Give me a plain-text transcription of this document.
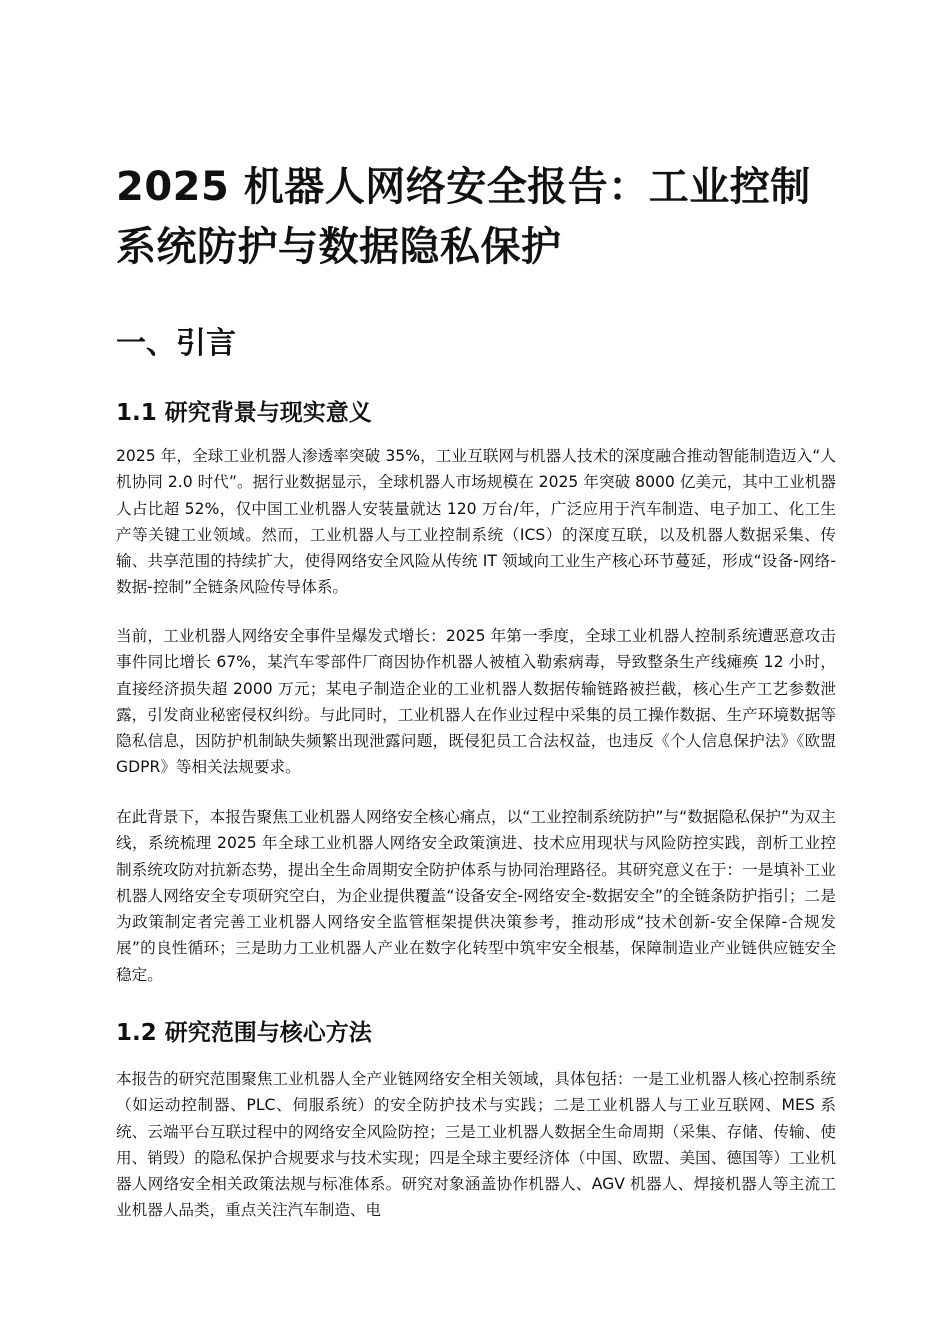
2025 机器人网络安全报告：工业控制系统防护与数据隐私保护
一、引言
1.1 研究背景与现实意义

2025 年，全球工业机器人渗透率突破 35%，工业互联网与机器人技术的深度融合推动智能制造迈入“人机协同 2.0 时代”。据行业数据显示，全球机器人市场规模在 2025 年突破 8000 亿美元，其中工业机器人占比超 52%，仅中国工业机器人安装量就达 120 万台/年，广泛应用于汽车制造、电子加工、化工生产等关键工业领域。然而，工业机器人与工业控制系统（ICS）的深度互联，以及机器人数据采集、传输、共享范围的持续扩大，使得网络安全风险从传统 IT 领域向工业生产核心环节蔓延，形成“设备-网络-数据-控制”全链条风险传导体系。

当前，工业机器人网络安全事件呈爆发式增长：2025 年第一季度，全球工业机器人控制系统遭恶意攻击事件同比增长 67%，某汽车零部件厂商因协作机器人被植入勒索病毒，导致整条生产线瘫痪 12 小时，直接经济损失超 2000 万元；某电子制造企业的工业机器人数据传输链路被拦截，核心生产工艺参数泄露，引发商业秘密侵权纠纷。与此同时，工业机器人在作业过程中采集的员工操作数据、生产环境数据等隐私信息，因防护机制缺失频繁出现泄露问题，既侵犯员工合法权益，也违反《个人信息保护法》《欧盟 GDPR》等相关法规要求。

在此背景下，本报告聚焦工业机器人网络安全核心痛点，以“工业控制系统防护”与“数据隐私保护”为双主线，系统梳理 2025 年全球工业机器人网络安全政策演进、技术应用现状与风险防控实践，剖析工业控制系统攻防对抗新态势，提出全生命周期安全防护体系与协同治理路径。其研究意义在于：一是填补工业机器人网络安全专项研究空白，为企业提供覆盖“设备安全-网络安全-数据安全”的全链条防护指引；二是为政策制定者完善工业机器人网络安全监管框架提供决策参考，推动形成“技术创新-安全保障-合规发展”的良性循环；三是助力工业机器人产业在数字化转型中筑牢安全根基，保障制造业产业链供应链安全稳定。

1.2 研究范围与核心方法

本报告的研究范围聚焦工业机器人全产业链网络安全相关领域，具体包括：一是工业机器人核心控制系统（如运动控制器、PLC、伺服系统）的安全防护技术与实践；二是工业机器人与工业互联网、MES 系统、云端平台互联过程中的网络安全风险防控；三是工业机器人数据全生命周期（采集、存储、传输、使用、销毁）的隐私保护合规要求与技术实现；四是全球主要经济体（中国、欧盟、美国、德国等）工业机器人网络安全相关政策法规与标准体系。研究对象涵盖协作机器人、AGV 机器人、焊接机器人等主流工业机器人品类，重点关注汽车制造、电
